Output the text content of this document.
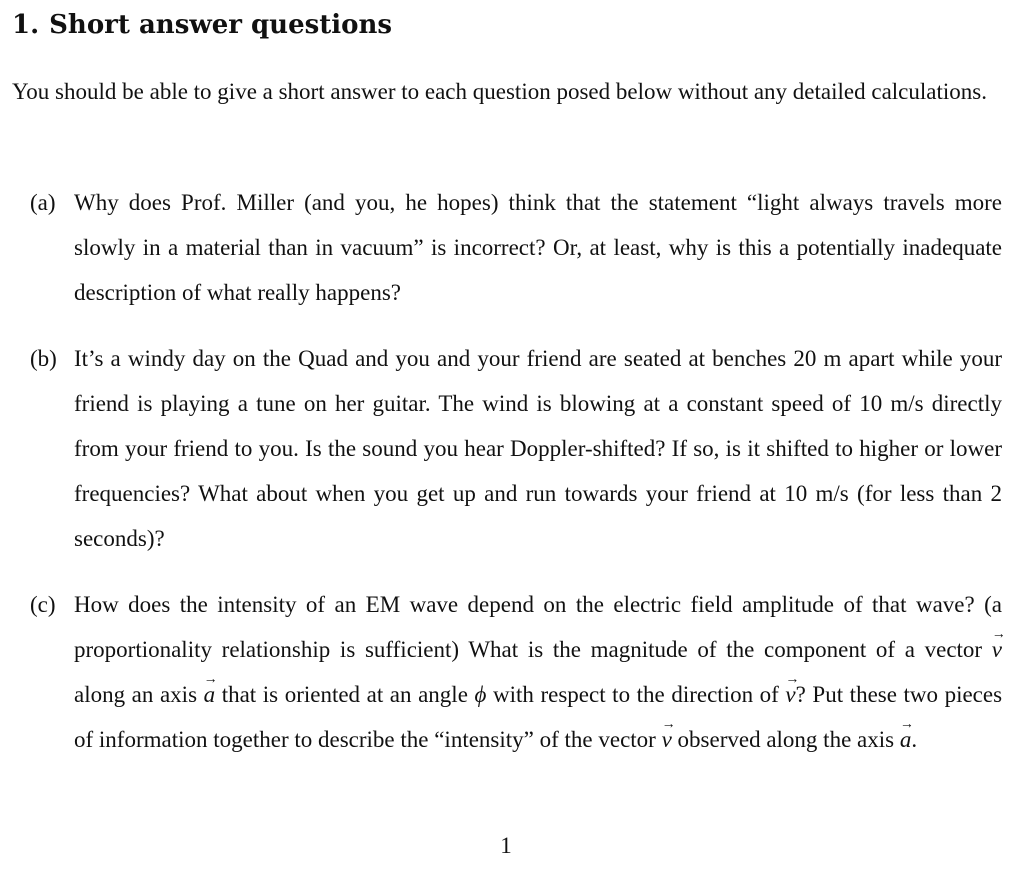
1. Short answer questions

You should be able to give a short answer to each question posed below without any detailed calculations.

(a) Why does Prof. Miller (and you, he hopes) think that the statement “light always travels more slowly in a material than in vacuum” is incorrect? Or, at least, why is this a potentially inadequate description of what really happens?

(b) It’s a windy day on the Quad and you and your friend are seated at benches 20 m apart while your friend is playing a tune on her guitar. The wind is blowing at a constant speed of 10 m/s directly from your friend to you. Is the sound you hear Doppler-shifted? If so, is it shifted to higher or lower frequencies? What about when you get up and run towards your friend at 10 m/s (for less than 2 seconds)?

(c) How does the intensity of an EM wave depend on the electric field amplitude of that wave? (a proportionality relationship is sufficient) What is the magnitude of the component of a vector → v along an axis → a that is oriented at an angle ϕ with respect to the direction of → v? Put these two pieces of information together to describe the “intensity” of the vector → v observed along the axis → a.

1
